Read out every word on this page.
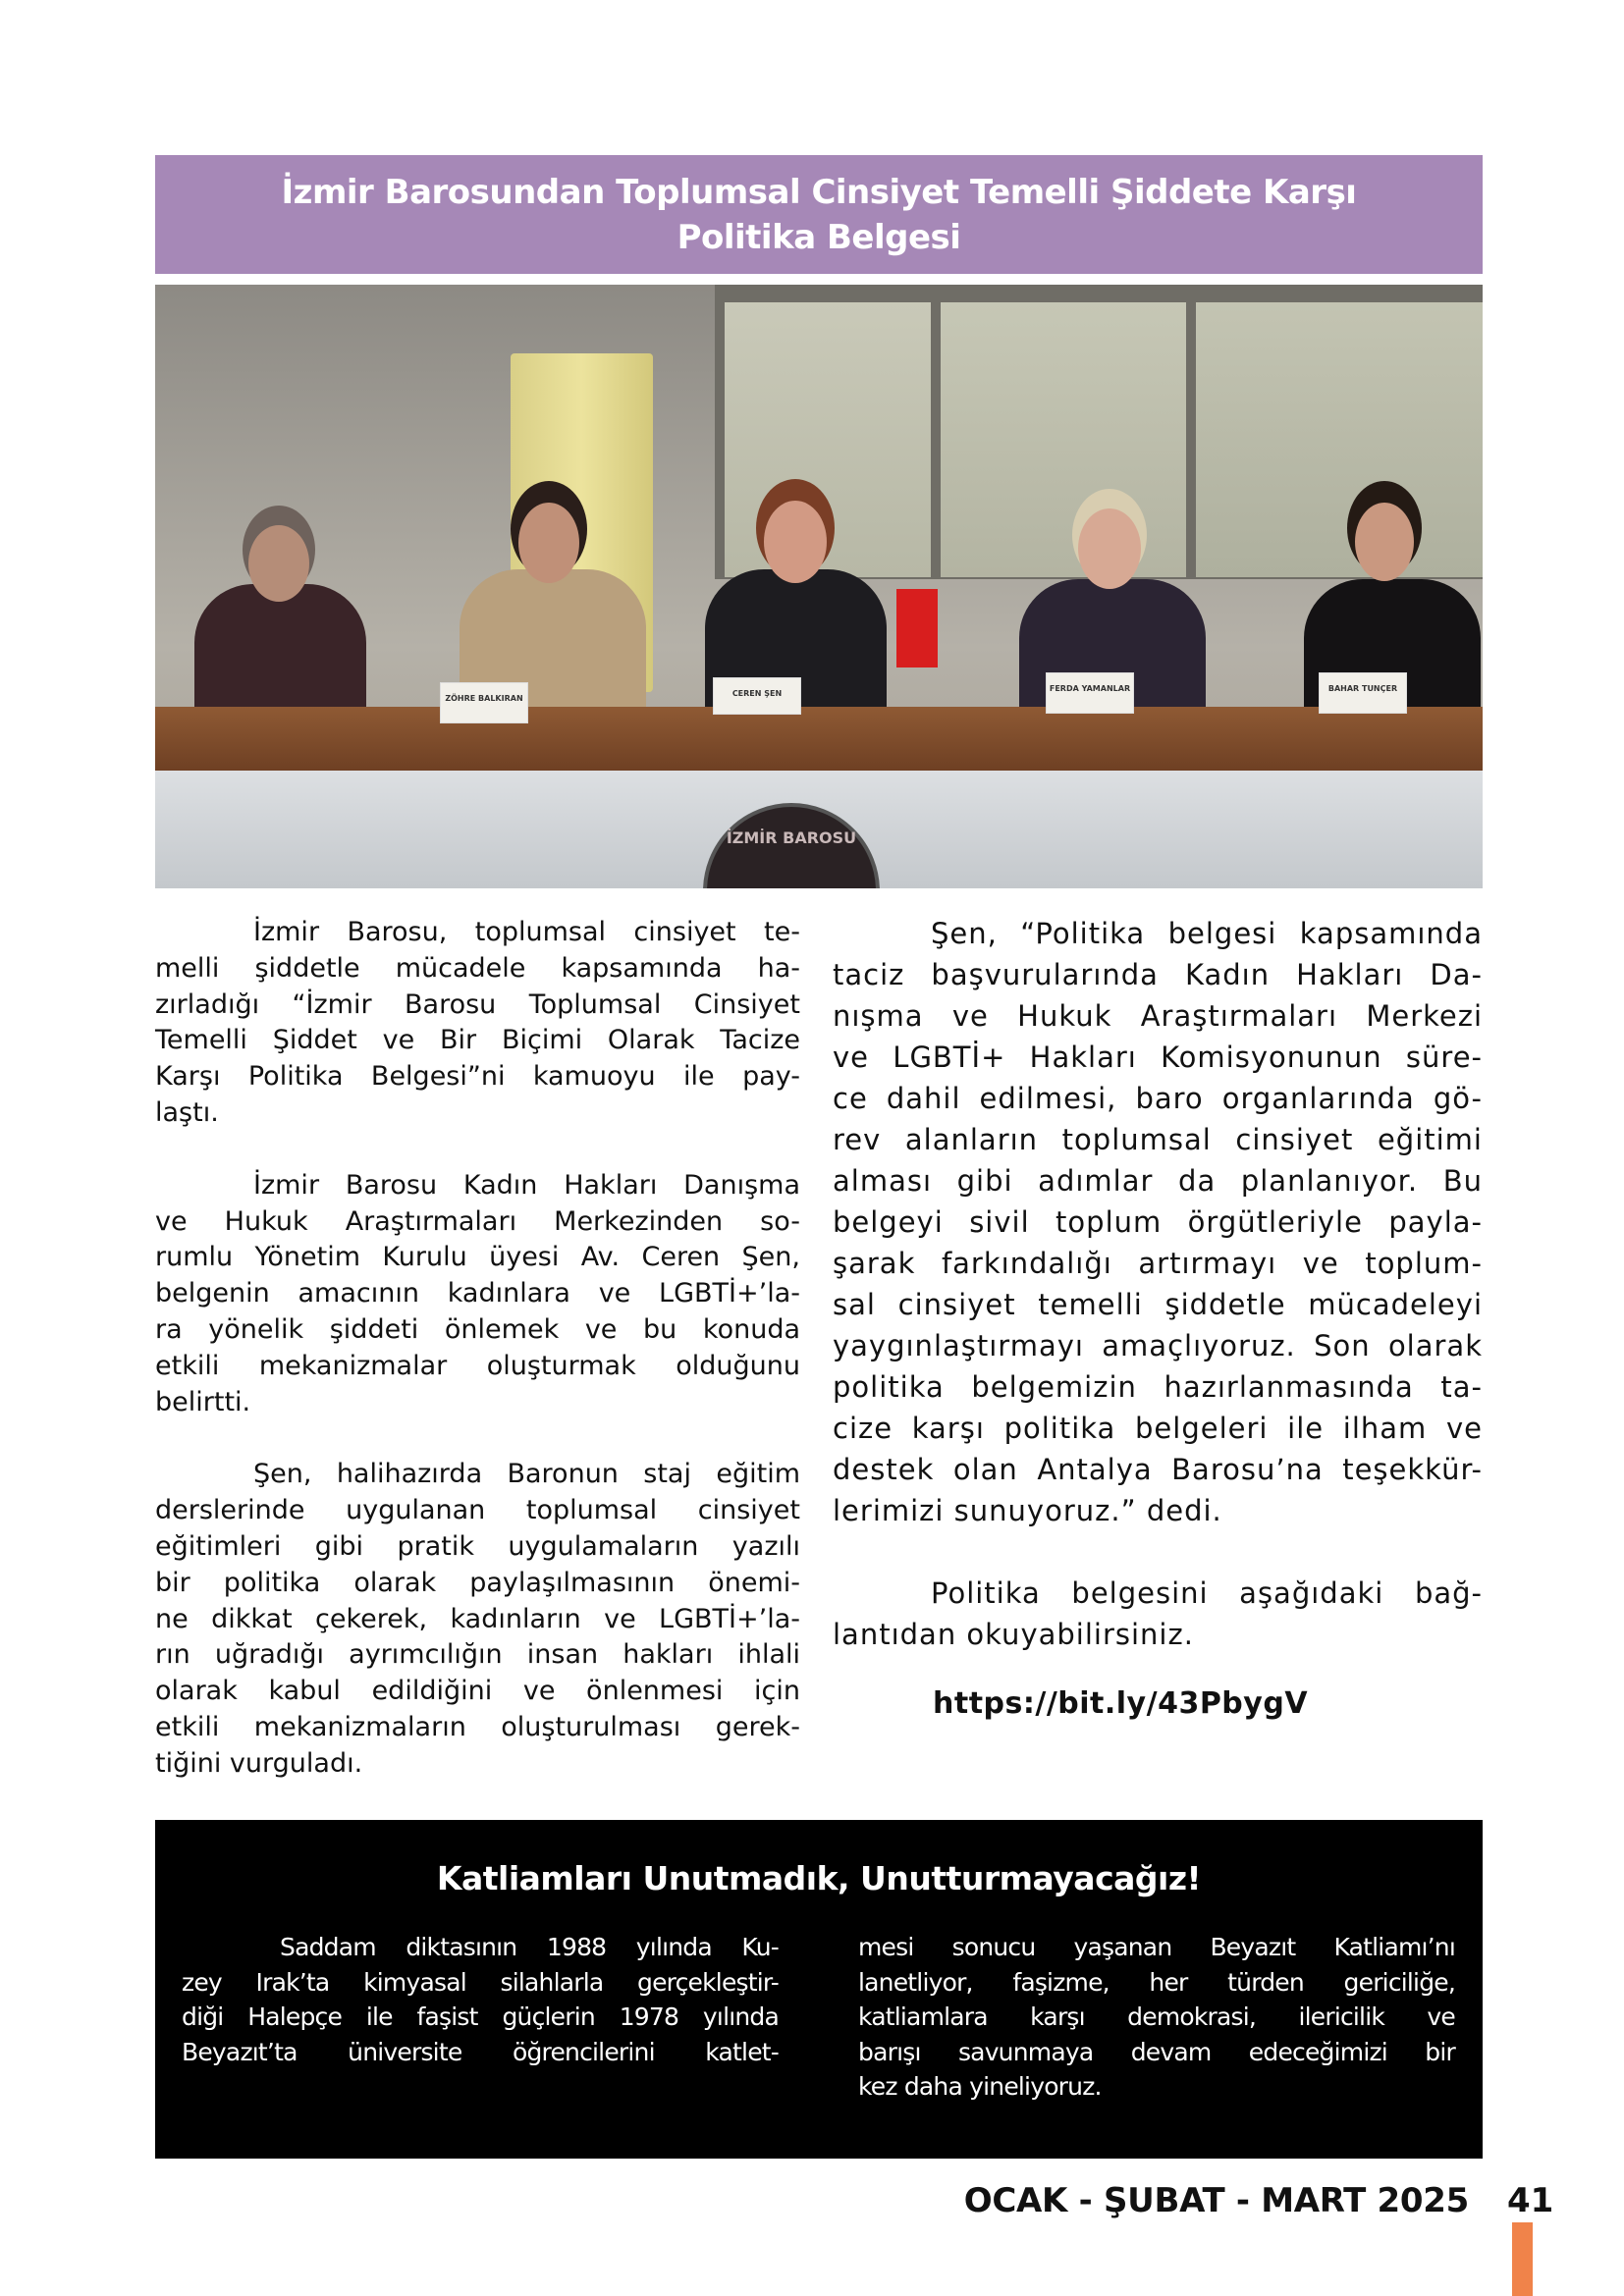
İzmir Barosundan Toplumsal Cinsiyet Temelli Şiddete Karşı
Politika Belgesi
ZÖHRE BALKIRAN
CEREN ŞEN
FERDA YAMANLAR	BAHAR TUNÇER
İZMİR BAROSU
İzmir Barosu, toplumsal cinsiyet te-
melli şiddetle mücadele kapsamında ha-
zırladığı “İzmir Barosu Toplumsal Cinsiyet
Temelli Şiddet ve Bir Biçimi Olarak Tacize
Karşı Politika Belgesi”ni kamuoyu ile pay-
laştı.
İzmir Barosu Kadın Hakları Danışma
ve Hukuk Araştırmaları Merkezinden so-
rumlu Yönetim Kurulu üyesi Av. Ceren Şen,
belgenin amacının kadınlara ve LGBTİ+’la-
ra yönelik şiddeti önlemek ve bu konuda
etkili mekanizmalar oluşturmak olduğunu
belirtti.
Şen, halihazırda Baronun staj eğitim
derslerinde uygulanan toplumsal cinsiyet
eğitimleri gibi pratik uygulamaların yazılı
bir politika olarak paylaşılmasının önemi-
ne dikkat çekerek, kadınların ve LGBTİ+’la-
rın uğradığı ayrımcılığın insan hakları ihlali
olarak kabul edildiğini ve önlenmesi için
etkili mekanizmaların oluşturulması gerek-
tiğini vurguladı.
Şen, “Politika belgesi kapsamında
taciz başvurularında Kadın Hakları Da-
nışma ve Hukuk Araştırmaları Merkezi
ve LGBTİ+ Hakları Komisyonunun süre-
ce dahil edilmesi, baro organlarında gö-
rev alanların toplumsal cinsiyet eğitimi
alması gibi adımlar da planlanıyor. Bu
belgeyi sivil toplum örgütleriyle payla-
şarak farkındalığı artırmayı ve toplum-
sal cinsiyet temelli şiddetle mücadeleyi
yaygınlaştırmayı amaçlıyoruz. Son olarak
politika belgemizin hazırlanmasında ta-
cize karşı politika belgeleri ile ilham ve
destek olan Antalya Barosu’na teşekkür-
lerimizi sunuyoruz.” dedi.
Politika belgesini aşağıdaki bağ-
lantıdan okuyabilirsiniz.
https://bit.ly/43PbygV
Katliamları Unutmadık, Unutturmayacağız!
Saddam diktasının 1988 yılında Ku-
zey Irak’ta kimyasal silahlarla gerçekleştir-
diği Halepçe ile faşist güçlerin 1978 yılında
Beyazıt’ta üniversite öğrencilerini katlet-
mesi sonucu yaşanan Beyazıt Katliamı’nı
lanetliyor, faşizme, her türden gericiliğe,
katliamlara karşı demokrasi, ilericilik ve
barışı savunmaya devam edeceğimizi bir
kez daha yineliyoruz.
OCAK - ŞUBAT - MART 2025 41
